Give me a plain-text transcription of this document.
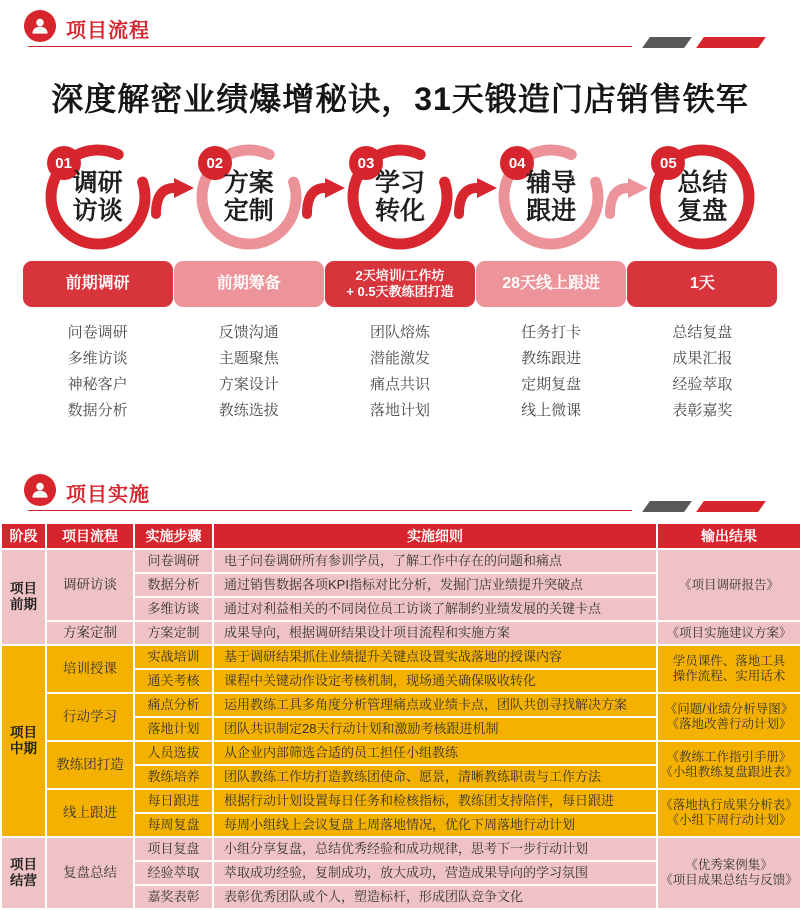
项目流程
深度解密业绩爆增秘诀，31天锻造门店销售铁军
01
调研
访谈
前期调研
问卷调研
多维访谈
神秘客户
数据分析
02
方案
定制
前期筹备
反馈沟通
主题聚焦
方案设计
教练选拔
03
学习
转化
2天培训/工作坊
+ 0.5天教练团打造
团队熔炼
潜能激发
痛点共识
落地计划
04
辅导
跟进
28天线上跟进
任务打卡
教练跟进
定期复盘
线上微课
05
总结
复盘
1天
总结复盘
成果汇报
经验萃取
表彰嘉奖
项目实施
阶段	项目流程	实施步骤	实施细则	输出结果
项目前期	调研访谈	问卷调研	电子问卷调研所有参训学员，了解工作中存在的问题和痛点	《项目调研报告》

		数据分析	通过销售数据各项KPI指标对比分析，发掘门店业绩提升突破点	
		多维访谈	通过对利益相关的不同岗位员工访谈了解制约业绩发展的关键卡点	
	方案定制	方案定制	成果导向，根据调研结果设计项目流程和实施方案	《项目实施建议方案》

项目中期	培训授课	实战培训	基于调研结果抓住业绩提升关键点设置实战落地的授课内容	学员课件、落地工具
操作流程、实用话术

		通关考核	课程中关键动作设定考核机制，现场通关确保吸收转化	
	行动学习	痛点分析	运用教练工具多角度分析管理痛点或业绩卡点，团队共创寻找解决方案	《问题/业绩分析导图》
《落地改善行动计划》

		落地计划	团队共识制定28天行动计划和激励考核跟进机制	
	教练团打造	人员选拔	从企业内部筛选合适的员工担任小组教练	《教练工作指引手册》
《小组教练复盘跟进表》

		教练培养	团队教练工作坊打造教练团使命、愿景，清晰教练职责与工作方法	
	线上跟进	每日跟进	根据行动计划设置每日任务和检核指标，教练团支持陪伴，每日跟进	《落地执行成果分析表》
《小组下周行动计划》

		每周复盘	每周小组线上会议复盘上周落地情况，优化下周落地行动计划	
项目结营	复盘总结	项目复盘	小组分享复盘，总结优秀经验和成功规律，思考下一步行动计划	《优秀案例集》
《项目成果总结与反馈》

		经验萃取	萃取成功经验，复制成功，放大成功，营造成果导向的学习氛围	
		嘉奖表彰	表彰优秀团队或个人，塑造标杆，形成团队竞争文化	
